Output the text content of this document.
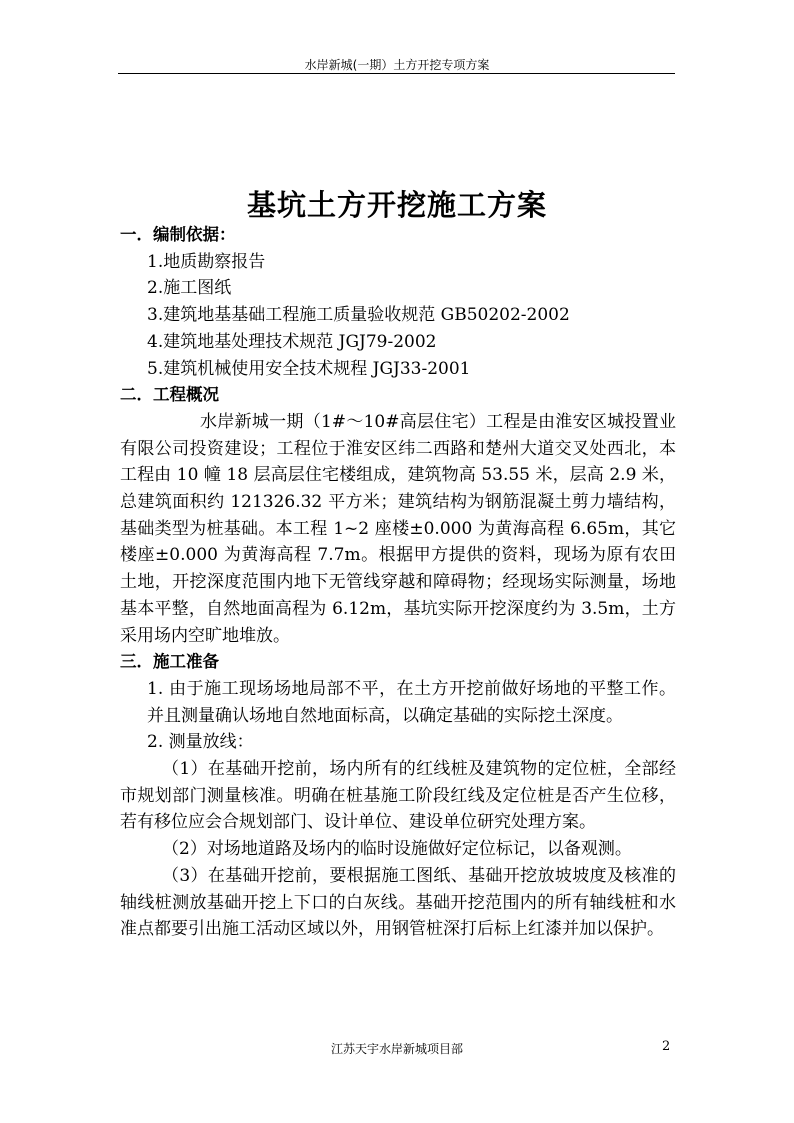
水岸新城(一期）土方开挖专项方案
基坑土方开挖施工方案

一．编制依据：

1.地质勘察报告

2.施工图纸

3.建筑地基基础工程施工质量验收规范 GB50202-2002

4.建筑地基处理技术规范 JGJ79-2002

5.建筑机械使用安全技术规程 JGJ33-2001

二．工程概况

水岸新城一期（1#～10#高层住宅）工程是由淮安区城投置业有限公司投资建设；工程位于淮安区纬二西路和楚州大道交叉处西北，本工程由 10 幢 18 层高层住宅楼组成，建筑物高 53.55 米，层高 2.9 米，总建筑面积约 121326.32 平方米；建筑结构为钢筋混凝土剪力墙结构，基础类型为桩基础。本工程 1~2 座楼±0.000 为黄海高程 6.65m，其它楼座±0.000 为黄海高程 7.7m。根据甲方提供的资料，现场为原有农田土地，开挖深度范围内地下无管线穿越和障碍物；经现场实际测量，场地基本平整，自然地面高程为 6.12m，基坑实际开挖深度约为 3.5m，土方采用场内空旷地堆放。

三．施工准备

1. 由于施工现场场地局部不平，在土方开挖前做好场地的平整工作。并且测量确认场地自然地面标高，以确定基础的实际挖土深度。

2. 测量放线：

（1）在基础开挖前，场内所有的红线桩及建筑物的定位桩，全部经市规划部门测量核准。明确在桩基施工阶段红线及定位桩是否产生位移，若有移位应会合规划部门、设计单位、建设单位研究处理方案。

（2）对场地道路及场内的临时设施做好定位标记，以备观测。

（3）在基础开挖前，要根据施工图纸、基础开挖放坡坡度及核准的轴线桩测放基础开挖上下口的白灰线。基础开挖范围内的所有轴线桩和水准点都要引出施工活动区域以外，用钢管桩深打后标上红漆并加以保护。

江苏天宇水岸新城项目部	2
